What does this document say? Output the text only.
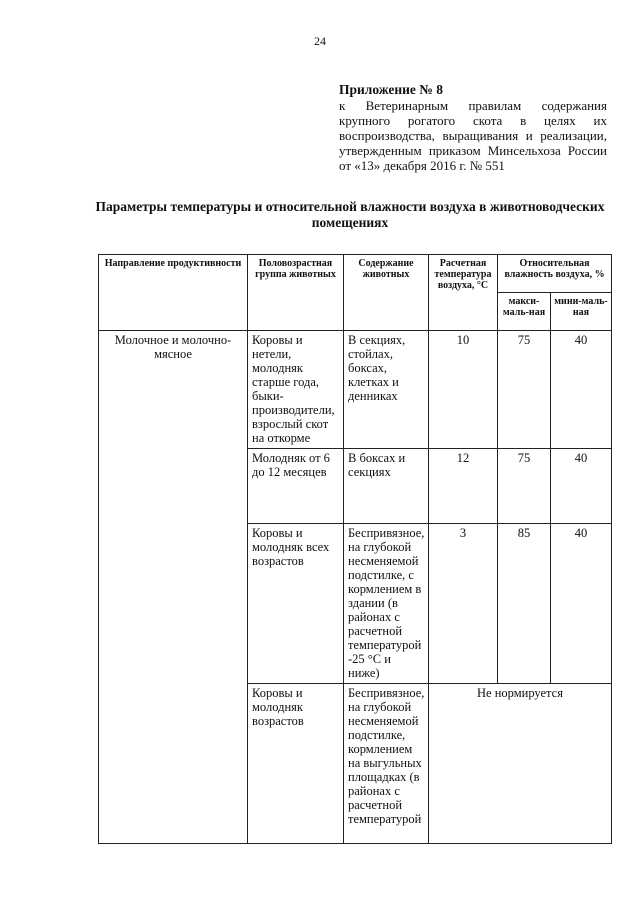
24
Приложение № 8
к Ветеринарным правилам содержания
крупного рогатого скота в целях их
воспроизводства, выращивания и реализации,
утвержденным приказом Минсельхоза России
от «13» декабря 2016 г. № 551
Параметры температуры и относительной влажности воздуха в животноводческих помещениях
Направление продуктивности	Половозрастная группа животных	Содержание животных	Расчетная температура воздуха, °С	Относительная влажность воздуха, %	
				макси-маль-ная	мини-маль-ная
Молочное и молочно-мясное	Коровы и нетели, молодняк старше года, быки-производители, взрослый скот на откорме	В секциях, стойлах, боксах, клетках и денниках	10	75	40
	Молодняк от 6 до 12 месяцев	В боксах и секциях	12	75	40
	Коровы и молодняк всех возрастов	Беспривязное, на глубокой несменяемой подстилке, с кормлением в здании (в районах с расчетной температурой -25 °С и ниже)	3	85	40
	Коровы и молодняк возрастов	Беспривязное, на глубокой несменяемой подстилке, кормлением на выгульных площадках (в районах с расчетной температурой	Не нормируется		
